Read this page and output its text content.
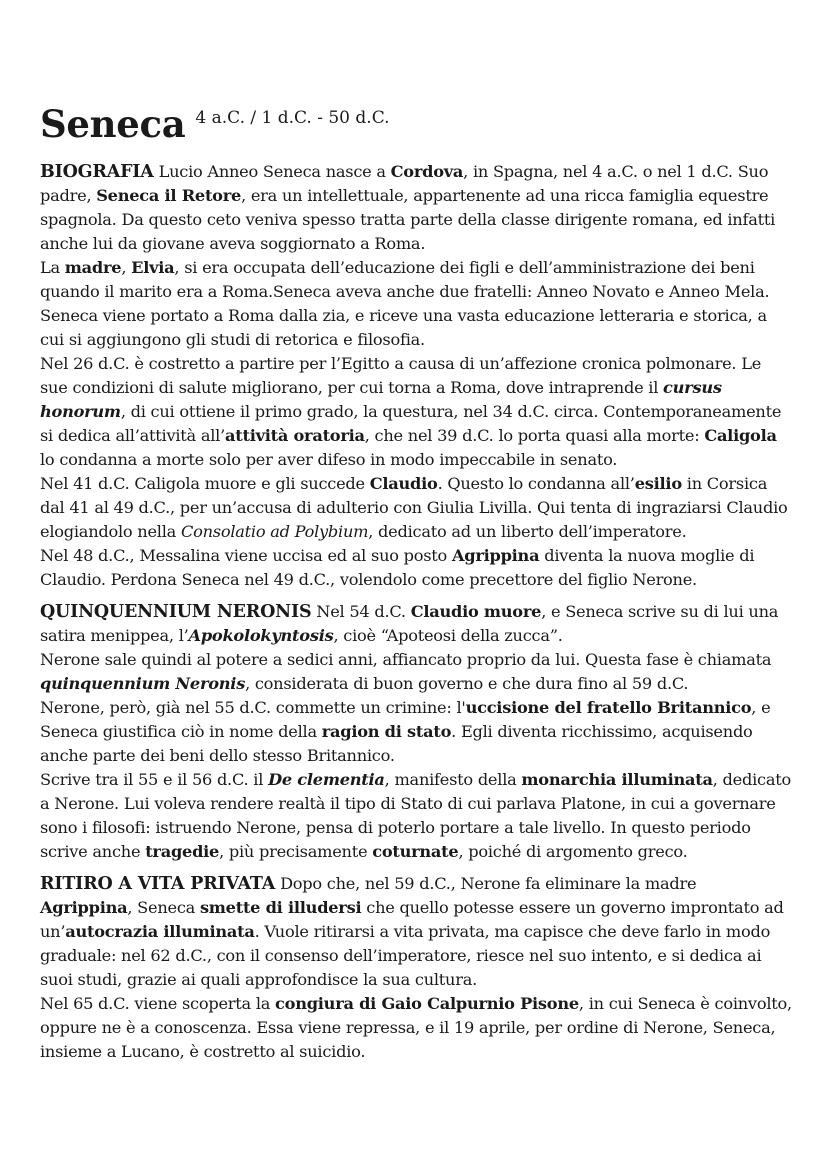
Seneca 4 a.C. / 1 d.C. - 50 d.C.

BIOGRAFIA Lucio Anneo Seneca nasce a Cordova, in Spagna, nel 4 a.C. o nel 1 d.C. Suo padre, Seneca il Retore, era un intellettuale, appartenente ad una ricca famiglia equestre spagnola. Da questo ceto veniva spesso tratta parte della classe dirigente romana, ed infatti anche lui da giovane aveva soggiornato a Roma.

La madre, Elvia, si era occupata dell’educazione dei figli e dell’amministrazione dei beni quando il marito era a Roma.Seneca aveva anche due fratelli: Anneo Novato e Anneo Mela. Seneca viene portato a Roma dalla zia, e riceve una vasta educazione letteraria e storica, a cui si aggiungono gli studi di retorica e filosofia.

Nel 26 d.C. è costretto a partire per l’Egitto a causa di un’affezione cronica polmonare. Le sue condizioni di salute migliorano, per cui torna a Roma, dove intraprende il cursus honorum, di cui ottiene il primo grado, la questura, nel 34 d.C. circa. Contemporaneamente si dedica all’attività all’attività oratoria, che nel 39 d.C. lo porta quasi alla morte: Caligola lo condanna a morte solo per aver difeso in modo impeccabile in senato.

Nel 41 d.C. Caligola muore e gli succede Claudio. Questo lo condanna all’esilio in Corsica dal 41 al 49 d.C., per un’accusa di adulterio con Giulia Livilla. Qui tenta di ingraziarsi Claudio elogiandolo nella Consolatio ad Polybium, dedicato ad un liberto dell’imperatore.

Nel 48 d.C., Messalina viene uccisa ed al suo posto Agrippina diventa la nuova moglie di Claudio. Perdona Seneca nel 49 d.C., volendolo come precettore del figlio Nerone.

QUINQUENNIUM NERONIS Nel 54 d.C. Claudio muore, e Seneca scrive su di lui una satira menippea, l’Apokolokyntosis, cioè “Apoteosi della zucca”.

Nerone sale quindi al potere a sedici anni, affiancato proprio da lui. Questa fase è chiamata quinquennium Neronis, considerata di buon governo e che dura fino al 59 d.C.

Nerone, però, già nel 55 d.C. commette un crimine: l'uccisione del fratello Britannico, e Seneca giustifica ciò in nome della ragion di stato. Egli diventa ricchissimo, acquisendo anche parte dei beni dello stesso Britannico.

Scrive tra il 55 e il 56 d.C. il De clementia, manifesto della monarchia illuminata, dedicato a Nerone. Lui voleva rendere realtà il tipo di Stato di cui parlava Platone, in cui a governare sono i filosofi: istruendo Nerone, pensa di poterlo portare a tale livello. In questo periodo scrive anche tragedie, più precisamente coturnate, poiché di argomento greco.

RITIRO A VITA PRIVATA Dopo che, nel 59 d.C., Nerone fa eliminare la madre Agrippina, Seneca smette di illudersi che quello potesse essere un governo improntato ad un’autocrazia illuminata. Vuole ritirarsi a vita privata, ma capisce che deve farlo in modo graduale: nel 62 d.C., con il consenso dell’imperatore, riesce nel suo intento, e si dedica ai suoi studi, grazie ai quali approfondisce la sua cultura.

Nel 65 d.C. viene scoperta la congiura di Gaio Calpurnio Pisone, in cui Seneca è coinvolto, oppure ne è a conoscenza. Essa viene repressa, e il 19 aprile, per ordine di Nerone, Seneca, insieme a Lucano, è costretto al suicidio.
